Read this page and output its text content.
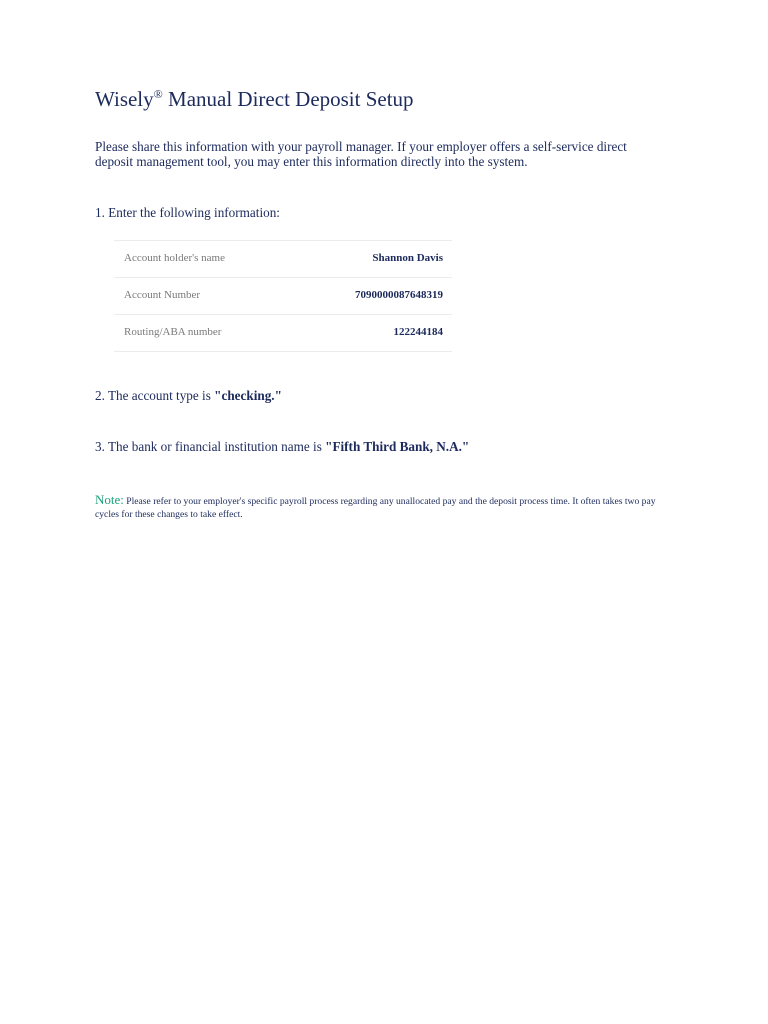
Wisely® Manual Direct Deposit Setup

Please share this information with your payroll manager. If your employer offers a self-service direct deposit management tool, you may enter this information directly into the system.

1. Enter the following information:

Account holder's name	Shannon Davis
Account Number	7090000087648319
Routing/ABA number	122244184

2. The account type is "checking."

3. The bank or financial institution name is "Fifth Third Bank, N.A."

Note: Please refer to your employer's specific payroll process regarding any unallocated pay and the deposit process time. It often takes two pay cycles for these changes to take effect.
